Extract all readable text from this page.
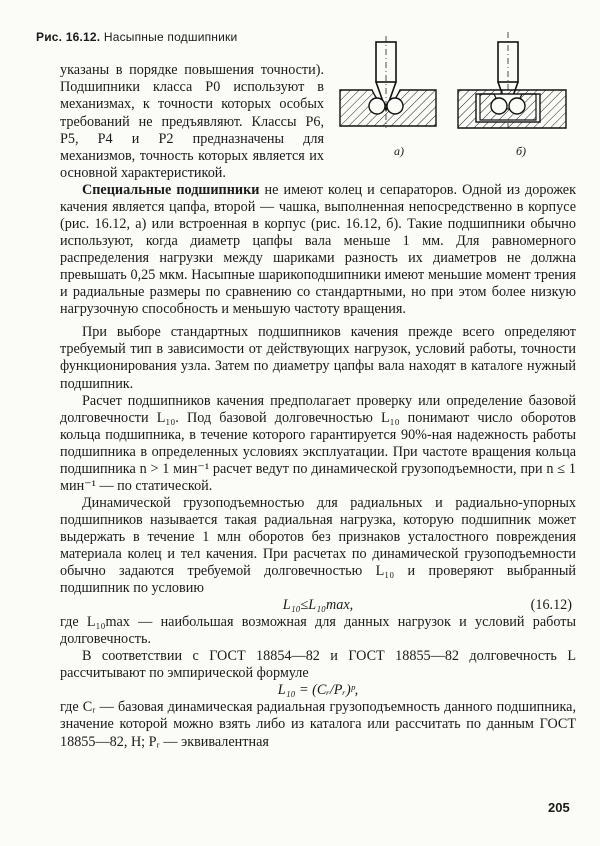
Рис. 16.12. Насыпные подшипники
а)	б)
указаны в порядке повышения точности). Подшипники класса Р0 используют в механизмах, к точности которых особых требований не предъявляют. Классы Р6, Р5, Р4 и Р2 предназначены для механизмов, точность которых является их основной характеристикой.

Специальные подшипники не имеют колец и сепараторов. Одной из дорожек качения является цапфа, второй — чашка, выполненная непосредственно в корпусе (рис. 16.12, а) или встроенная в корпус (рис. 16.12, б). Такие подшипники обычно используют, когда диаметр цапфы вала меньше 1 мм. Для равномерного распределения нагрузки между шариками разность их диаметров не должна превышать 0,25 мкм. Насыпные шарикоподшипники имеют меньшие момент трения и радиальные размеры по сравнению со стандартными, но при этом более низкую нагрузочную способность и меньшую частоту вращения.

При выборе стандартных подшипников качения прежде всего определяют требуемый тип в зависимости от действующих нагрузок, условий работы, точности функционирования узла. Затем по диаметру цапфы вала находят в каталоге нужный подшипник.

Расчет подшипников качения предполагает проверку или определение базовой долговечности L₁₀. Под базовой долговечностью L₁₀ понимают число оборотов кольца подшипника, в течение которого гарантируется 90%-ная надежность работы подшипника в определенных условиях эксплуатации. При частоте вращения кольца подшипника n > 1 мин⁻¹ расчет ведут по динамической грузоподъемности, при n ≤ 1 мин⁻¹ — по статической.

Динамической грузоподъемностью для радиальных и радиально-упорных подшипников называется такая радиальная нагрузка, которую подшипник может выдержать в течение 1 млн оборотов без признаков усталостного повреждения материала колец и тел качения. При расчетах по динамической грузоподъемности обычно задаются требуемой долговечностью L₁₀ и проверяют выбранный подшипник по условию

L₁₀≤L₁₀max,	(16.12)

где L₁₀max — наибольшая возможная для данных нагрузок и условий работы долговечность.

В соответствии с ГОСТ 18854—82 и ГОСТ 18855—82 долговечность L рассчитывают по эмпирической формуле

L₁₀ = (Cᵣ/Pᵣ)ᵖ,

где Cᵣ — базовая динамическая радиальная грузоподъемность данного подшипника, значение которой можно взять либо из каталога или рассчитать по данным ГОСТ 18855—82, Н; Pᵣ — эквивалентная

205
